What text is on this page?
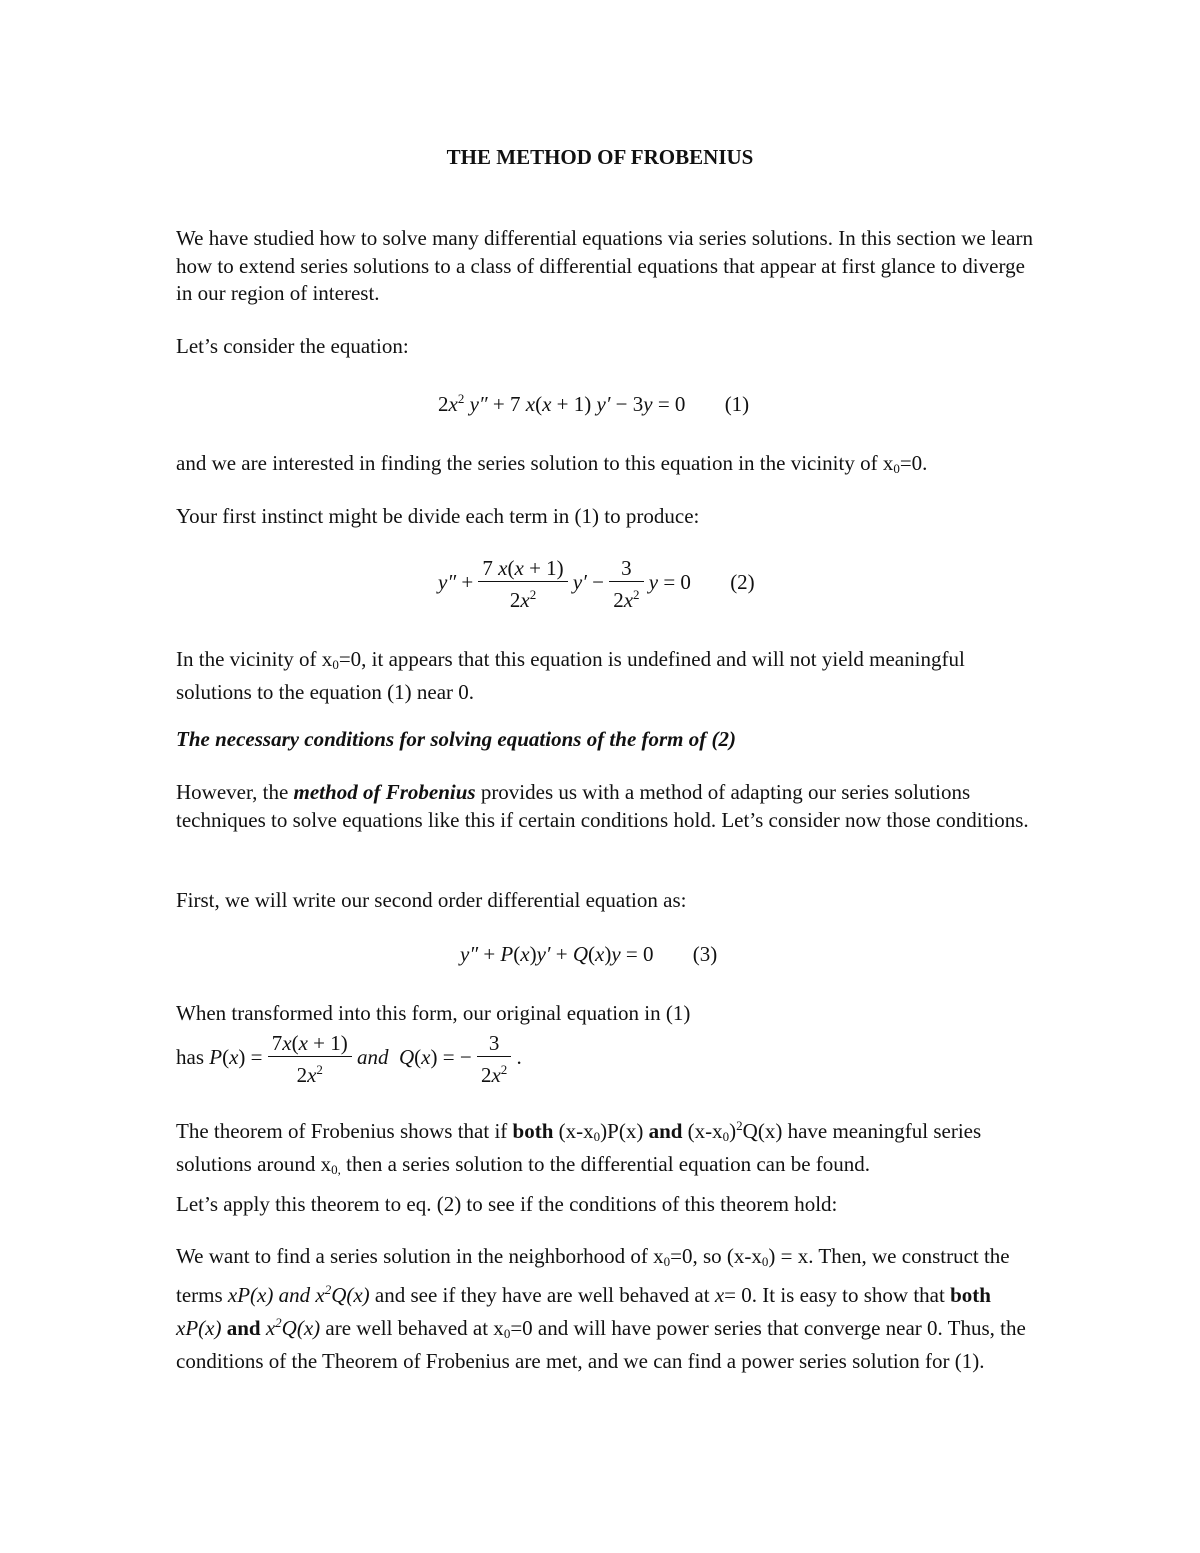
THE METHOD OF FROBENIUS

We have studied how to solve many differential equations via series solutions. In this section we learn how to extend series solutions to a class of differential equations that appear at first glance to diverge in our region of interest.

Let’s consider the equation:

$2x^2$ y″ + 7 x(x + 1) y′ − 3y = 0 (1)

and we are interested in finding the series solution to this equation in the vicinity of $x_0=0$.

Your first instinct might be divide each term in (1) to produce:

$y'' + \frac{7 x(x + 1)}{2x^2} y' - \frac{3}{2x^2}$ y = 0 (2)

In the vicinity of $x_0=0$, it appears that this equation is undefined and will not yield meaningful solutions to the equation (1) near 0.

The necessary conditions for solving equations of the form of (2)

However, the method of Frobenius provides us with a method of adapting our series solutions techniques to solve equations like this if certain conditions hold. Let’s consider now those conditions.

First, we will write our second order differential equation as:

y″ + P(x)y′ + Q(x)y = 0 (3)

When transformed into this form, our original equation in (1)

has $P(x) = \frac{7x(x + 1)}{2x^2}$ and Q(x) = − $\frac{3}{2x^2}$ .

The theorem of Frobenius shows that if both $(x-x_0)P(x)$ and $(x-x_0)^2Q(x)$ have meaningful series solutions around $x_{0,}$ then a series solution to the differential equation can be found.

Let’s apply this theorem to eq. (2) to see if the conditions of this theorem hold:

We want to find a series solution in the neighborhood of $x_0=0$, so $(x-x_0) = x$. Then, we construct the terms xP(x) and $x^2Q(x)$ and see if they have are well behaved at x= 0. It is easy to show that both xP(x) and $x^2Q(x)$ are well behaved at $x_0=0$ and will have power series that converge near 0. Thus, the conditions of the Theorem of Frobenius are met, and we can find a power series solution for (1).
